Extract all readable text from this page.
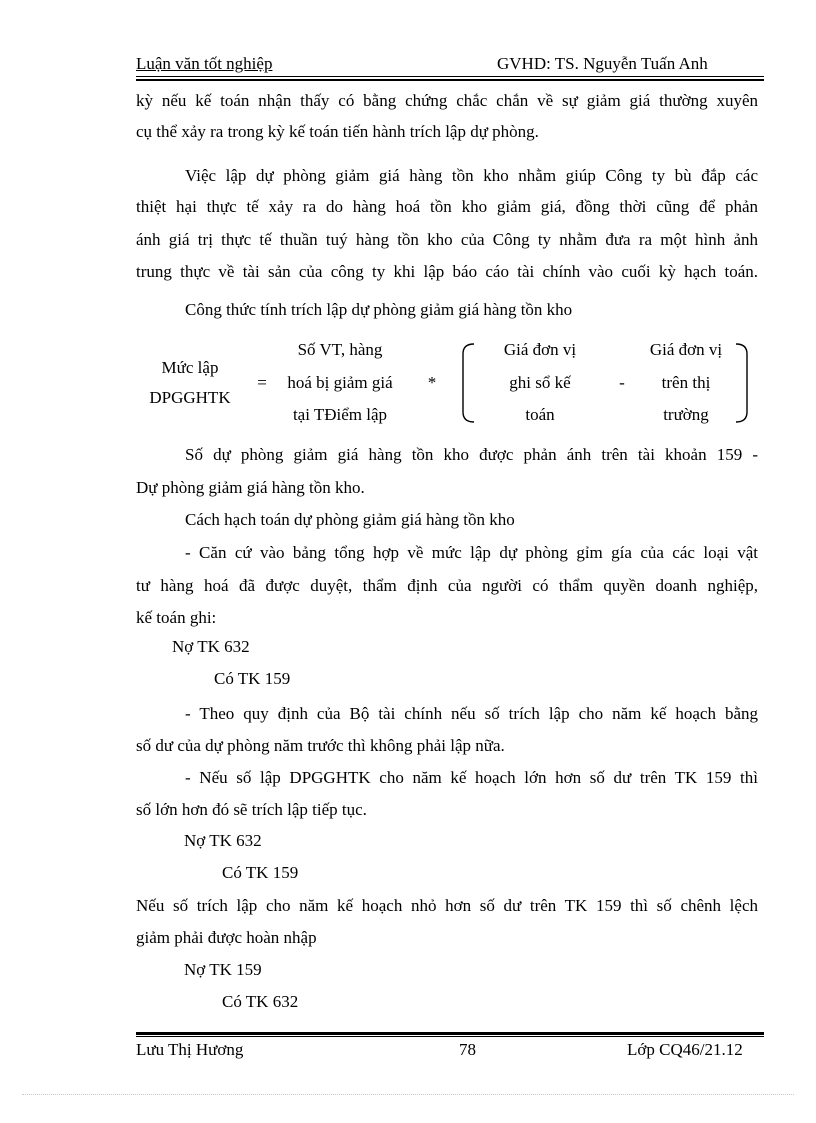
Luận văn tốt nghiệp	GVHD: TS. Nguyễn Tuấn Anh
kỳ nếu kế toán nhận thấy có bằng chứng chắc chắn về sự giảm giá thường xuyên
cụ thể xảy ra trong kỳ kế toán tiến hành trích lập dự phòng.
Việc lập dự phòng giảm giá hàng tồn kho nhằm giúp Công ty bù đắp các
thiệt hại thực tế xảy ra do hàng hoá tồn kho giảm giá, đồng thời cũng để phản
ánh giá trị thực tế thuần tuý hàng tồn kho của Công ty nhằm đưa ra một hình ảnh
trung thực về tài sản của công ty khi lập báo cáo tài chính vào cuối kỳ hạch toán.
Công thức tính trích lập dự phòng giảm giá hàng tồn kho
Mức lập
DPGGHTK
=
Số VT, hàng
hoá bị giảm giá
tại TĐiểm lập
*
Giá đơn vị
ghi sổ kế
toán
-
Giá đơn vị
trên thị
trường
Số dự phòng giảm giá hàng tồn kho được phản ánh trên tài khoản 159 -
Dự phòng giảm giá hàng tồn kho.
Cách hạch toán dự phòng giảm giá hàng tồn kho
- Căn cứ vào bảng tổng hợp về mức lập dự phòng gỉm gía của các loại vật
tư hàng hoá đã được duyệt, thẩm định của người có thẩm quyền doanh nghiệp,
kế toán ghi:
Nợ TK 632
Có TK 159
- Theo quy định của Bộ tài chính nếu số trích lập cho năm kế hoạch bằng
số dư của dự phòng năm trước thì không phải lập nữa.
- Nếu số lập DPGGHTK cho năm kế hoạch lớn hơn số dư trên TK 159 thì
số lớn hơn đó sẽ trích lập tiếp tục.
Nợ TK 632
Có TK 159
Nếu số trích lập cho năm kế hoạch nhỏ hơn số dư trên TK 159 thì số chênh lệch
giảm phải được hoàn nhập
Nợ TK 159
Có TK 632
Lưu Thị Hương	78	Lớp CQ46/21.12
